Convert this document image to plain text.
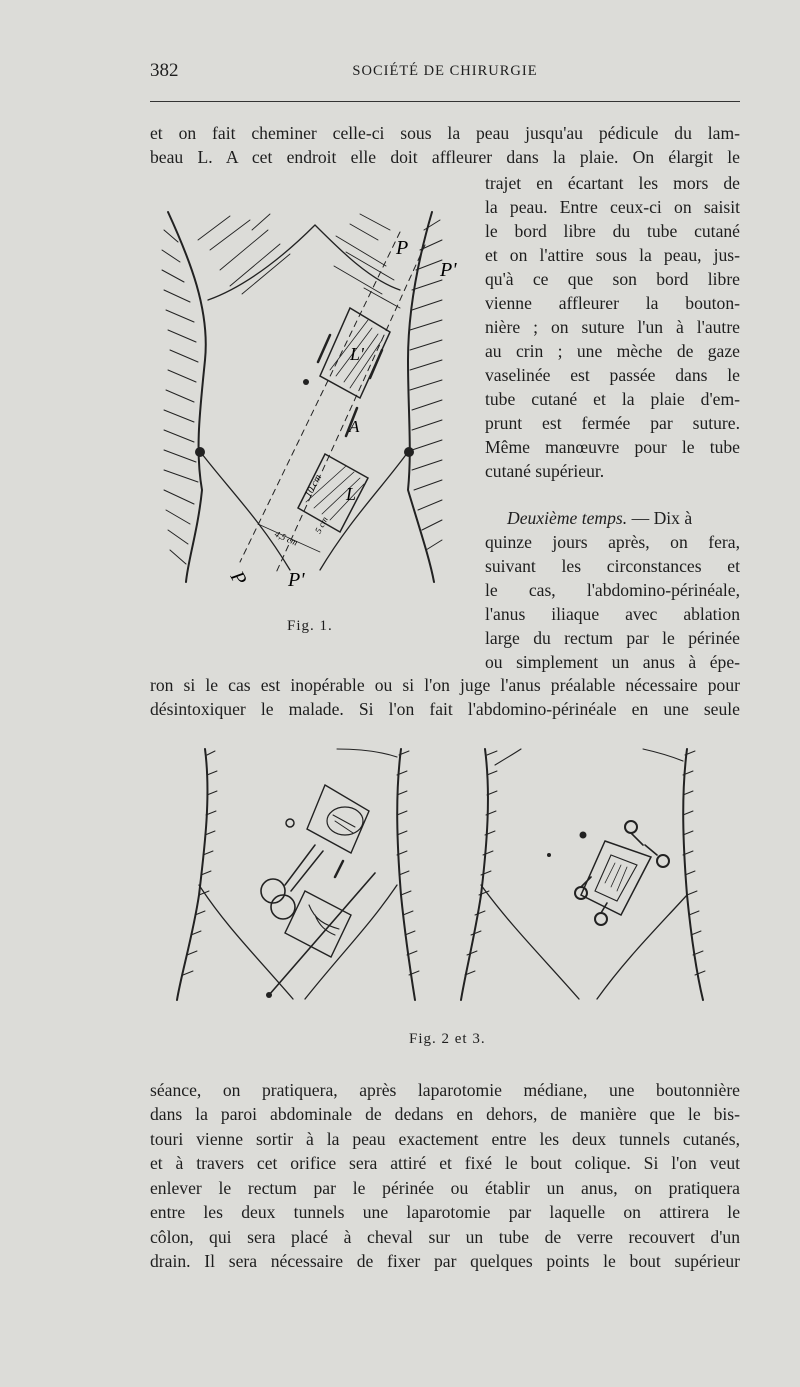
382	SOCIÉTÉ DE CHIRURGIE
et on fait cheminer celle-ci sous la peau jusqu'au pédicule du lam-
beau L. A cet endroit elle doit affleurer dans la plaie. On élargit le
trajet en écartant les mors de
la peau. Entre ceux-ci on saisit
le bord libre du tube cutané
et on l'attire sous la peau, jus-
qu'à ce que son bord libre
vienne affleurer la bouton-
nière ; on suture l'un à l'autre
au crin ; une mèche de gaze
vaselinée est passée dans le
tube cutané et la plaie d'em-
prunt est fermée par suture.
Même manœuvre pour le tube
cutané supérieur.
Deuxième temps. — Dix à
quinze jours après, on fera,
suivant les circonstances et
le cas, l'abdomino-périnéale,
l'anus iliaque avec ablation
large du rectum par le périnée
ou simplement un anus à épe-
ron si le cas est inopérable ou si l'on juge l'anus préalable nécessaire pour
désintoxiquer le malade. Si l'on fait l'abdomino-périnéale en une seule
4,5 cm
10 cm
5 cm
P
P'
L'
A
L
P P'
Fig. 1.
Fig. 2 et 3.
séance, on pratiquera, après laparotomie médiane, une boutonnière
dans la paroi abdominale de dedans en dehors, de manière que le bis-
touri vienne sortir à la peau exactement entre les deux tunnels cutanés,
et à travers cet orifice sera attiré et fixé le bout colique. Si l'on veut
enlever le rectum par le périnée ou établir un anus, on pratiquera
entre les deux tunnels une laparotomie par laquelle on attirera le
côlon, qui sera placé à cheval sur un tube de verre recouvert d'un
drain. Il sera nécessaire de fixer par quelques points le bout supérieur
